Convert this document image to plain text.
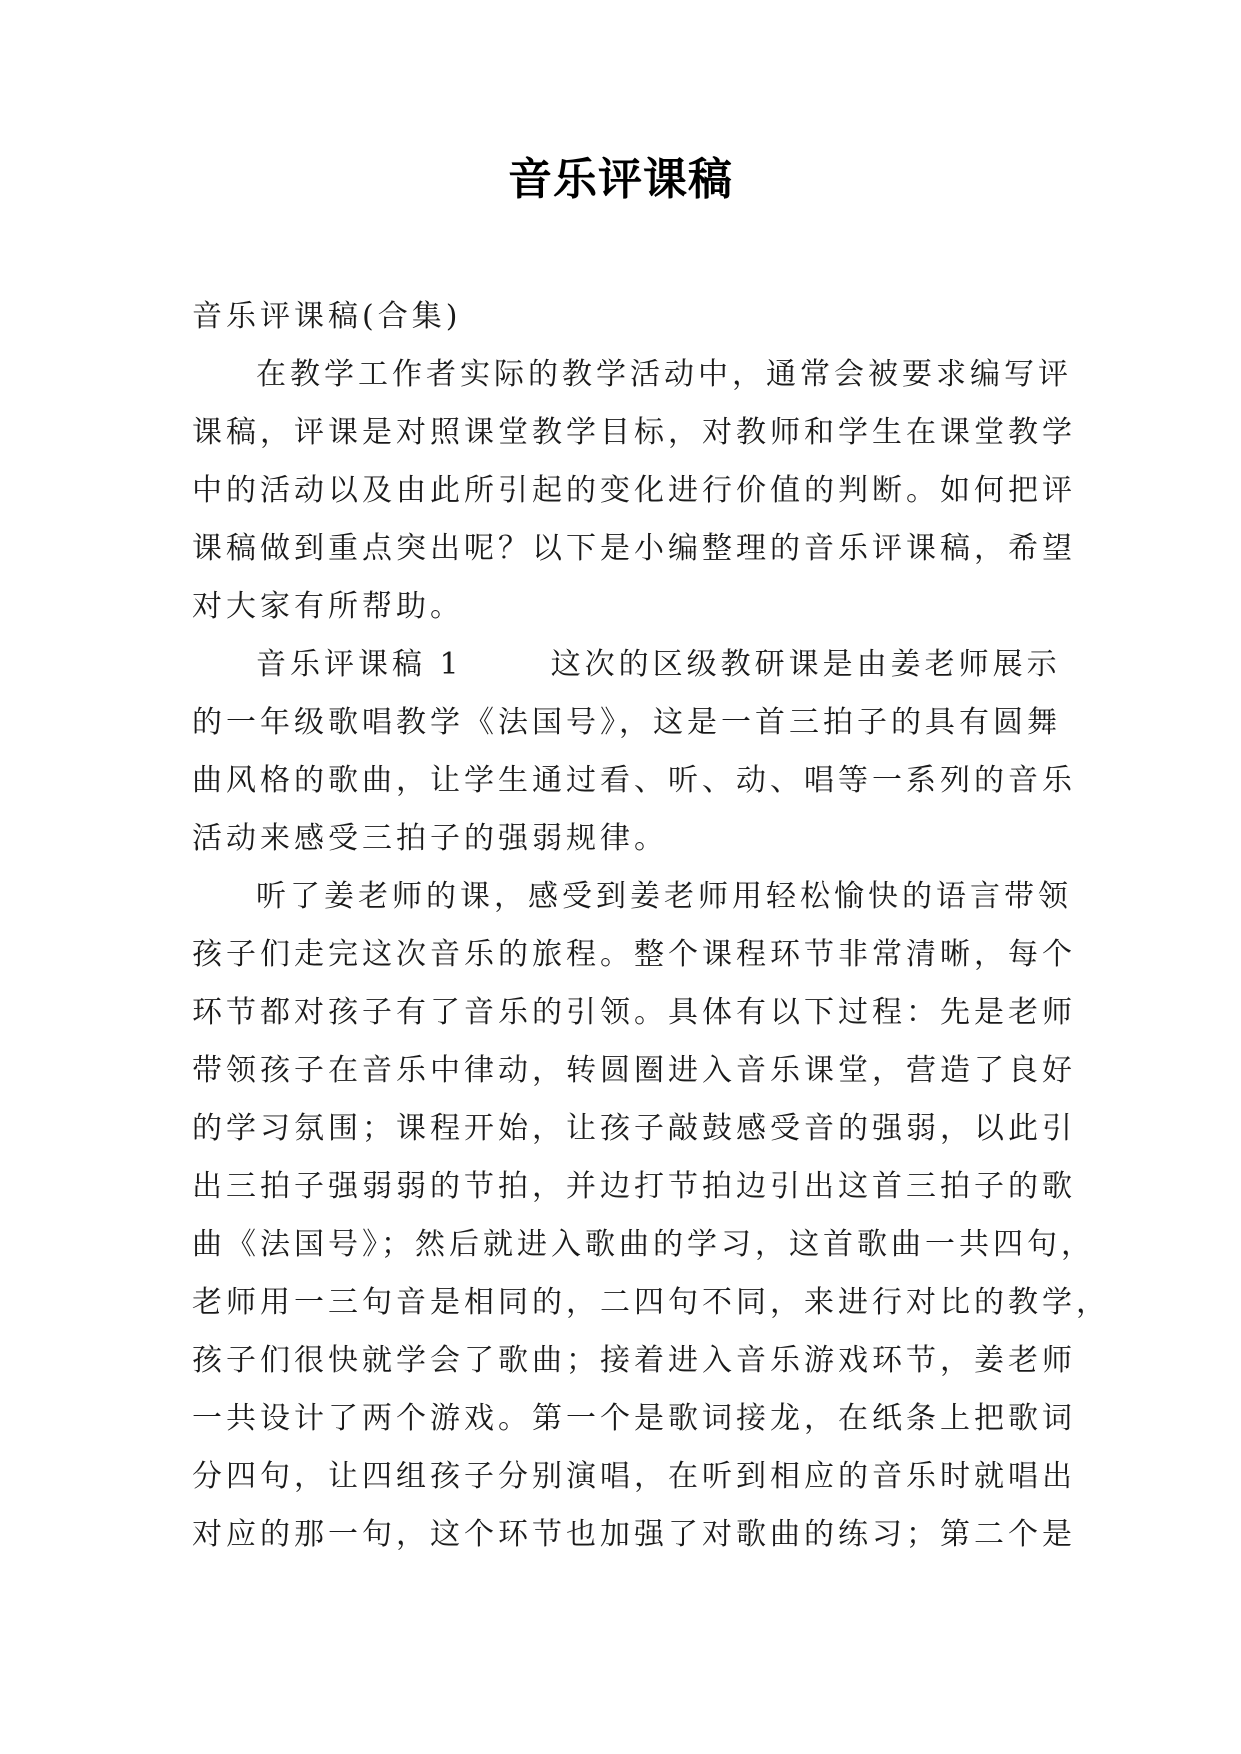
音乐评课稿
音乐评课稿(合集)
在教学工作者实际的教学活动中，通常会被要求编写评
课稿，评课是对照课堂教学目标，对教师和学生在课堂教学
中的活动以及由此所引起的变化进行价值的判断。如何把评
课稿做到重点突出呢？以下是小编整理的音乐评课稿，希望
对大家有所帮助。
音乐评课稿 1	这次的区级教研课是由姜老师展示
的一年级歌唱教学《法国号》，这是一首三拍子的具有圆舞
曲风格的歌曲，让学生通过看、听、动、唱等一系列的音乐
活动来感受三拍子的强弱规律。
听了姜老师的课，感受到姜老师用轻松愉快的语言带领
孩子们走完这次音乐的旅程。整个课程环节非常清晰，每个
环节都对孩子有了音乐的引领。具体有以下过程：先是老师
带领孩子在音乐中律动，转圆圈进入音乐课堂，营造了良好
的学习氛围；课程开始，让孩子敲鼓感受音的强弱，以此引
出三拍子强弱弱的节拍，并边打节拍边引出这首三拍子的歌
曲《法国号》；然后就进入歌曲的学习，这首歌曲一共四句，
老师用一三句音是相同的，二四句不同，来进行对比的教学，
孩子们很快就学会了歌曲；接着进入音乐游戏环节，姜老师
一共设计了两个游戏。第一个是歌词接龙，在纸条上把歌词
分四句，让四组孩子分别演唱，在听到相应的音乐时就唱出
对应的那一句，这个环节也加强了对歌曲的练习；第二个是
